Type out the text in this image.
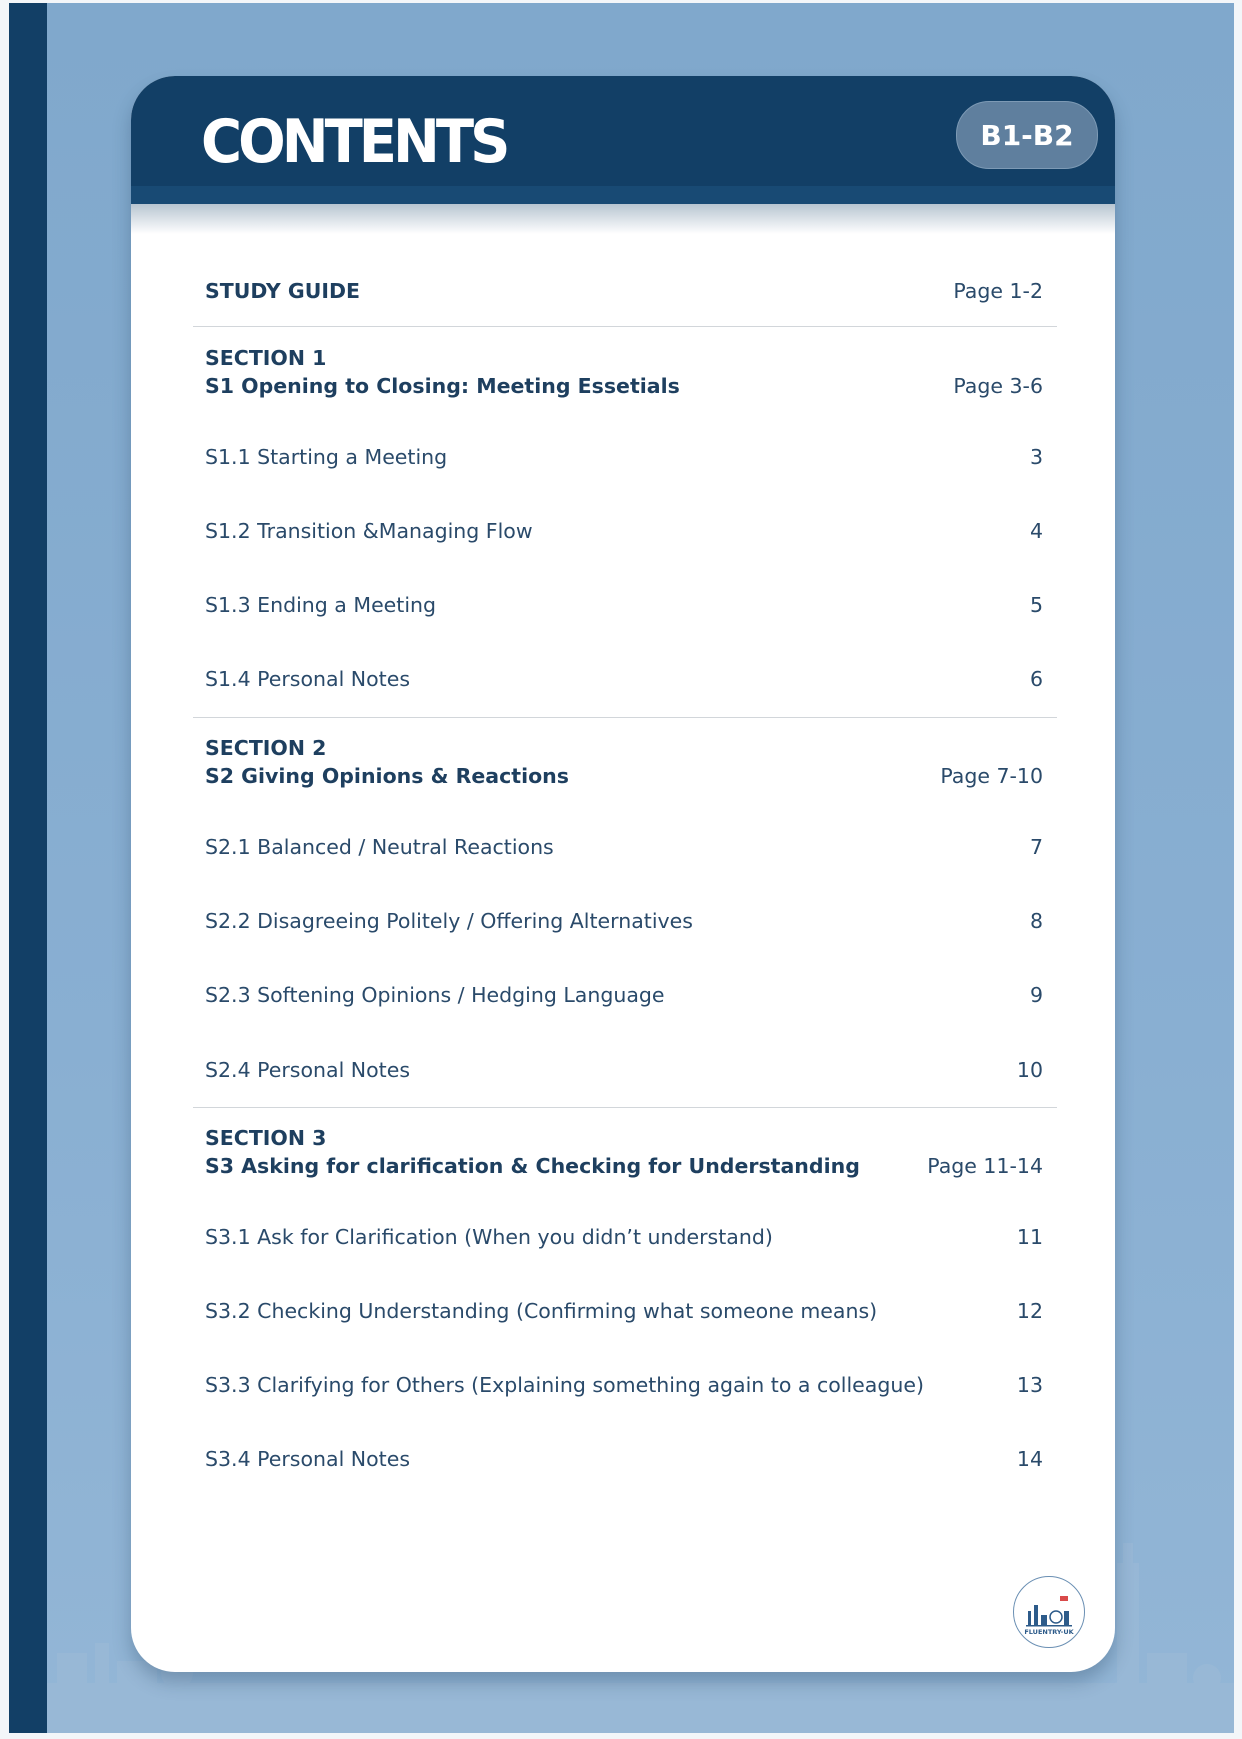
CONTENTS	B1-B2
STUDY GUIDE	Page 1-2
SECTION 1
S1 Opening to Closing: Meeting Essetials	Page 3-6
S1.1 Starting a Meeting	3
S1.2 Transition &Managing Flow	4
S1.3 Ending a Meeting	5
S1.4 Personal Notes	6
SECTION 2
S2 Giving Opinions & Reactions	Page 7-10
S2.1 Balanced / Neutral Reactions	7
S2.2 Disagreeing Politely / Offering Alternatives	8
S2.3 Softening Opinions / Hedging Language	9
S2.4 Personal Notes	10
SECTION 3
S3 Asking for clarification & Checking for Understanding	Page 11-14
S3.1 Ask for Clarification (When you didn’t understand)	11
S3.2 Checking Understanding (Confirming what someone means)	12
S3.3 Clarifying for Others (Explaining something again to a colleague)	13
S3.4 Personal Notes	14
FLUENTRY-UK
